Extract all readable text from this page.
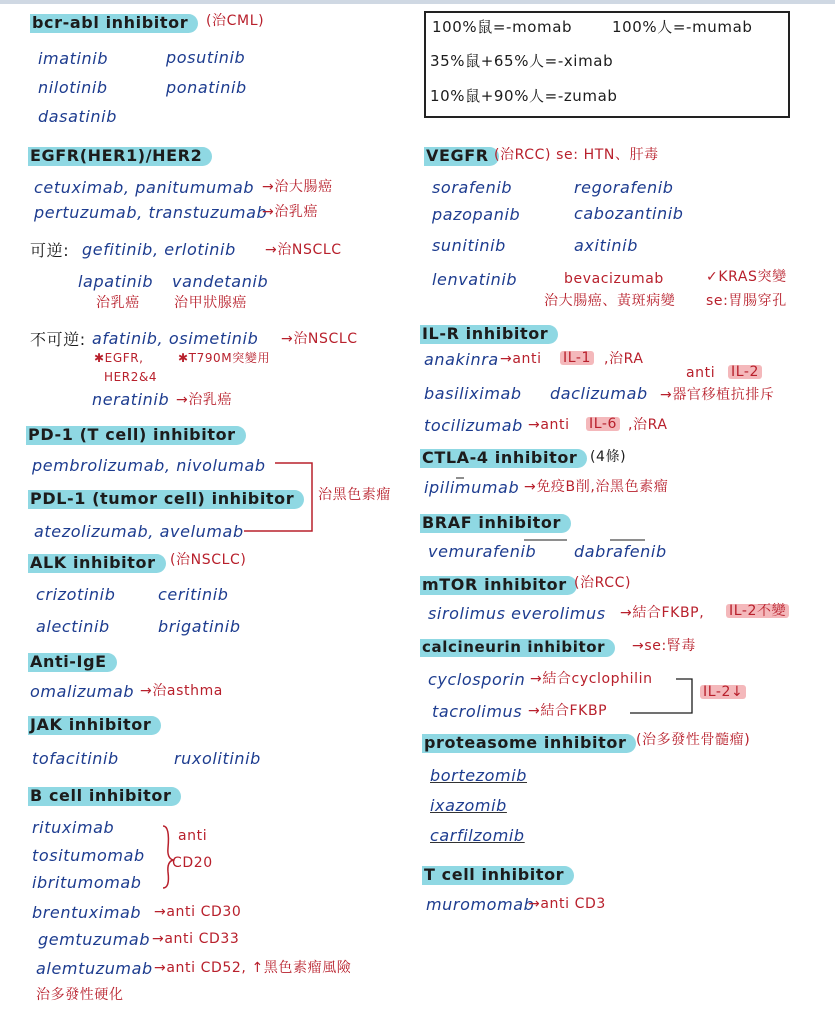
bcr-abl inhibitor	(治CML)
imatinib	posutinib
nilotinib	ponatinib
dasatinib
EGFR(HER1)/HER2
cetuximab, panitumumab →治大腸癌
pertuzumab, transtuzumab
→治乳癌
可逆: gefitinib, erlotinib →治NSCLC
lapatinib vandetanib
治乳癌 治甲狀腺癌
不可逆: afatinib, osimetinib →治NSCLC
✱EGFR,
HER2&4
✱T790M突變用
neratinib →治乳癌
PD-1 (T cell) inhibitor
pembrolizumab, nivolumab
PDL-1 (tumor cell) inhibitor
atezolizumab, avelumab
治黑色素瘤
ALK inhibitor	(治NSCLC)
crizotinib	ceritinib
alectinib	brigatinib
Anti-IgE
omalizumab →治asthma
JAK inhibitor
tofacitinib	ruxolitinib
B cell inhibitor
rituximab
tositumomab
ibritumomab
anti
CD20
brentuximab →anti CD30
gemtuzumab →anti CD33
alemtuzumab →anti CD52, ↑黑色素瘤風險
治多發性硬化
100%鼠=-momab	100%人=-mumab
35%鼠+65%人=-ximab
10%鼠+90%人=-zumab
VEGFR (治RCC) se: HTN、肝毒
sorafenib	regorafenib
pazopanib	cabozantinib
sunitinib	axitinib
lenvatinib	bevacizumab
治大腸癌、黃斑病變
✓KRAS突變
se:胃腸穿孔
IL-R inhibitor
anakinra →anti IL-1 ,治RA
basiliximab daclizumab
anti IL-2
→器官移植抗排斥
tocilizumab →anti IL-6 ,治RA
CTLA-4 inhibitor (4條)
ipilimumab →免疫B削,治黑色素瘤
BRAF inhibitor
vemurafenib dabrafenib
mTOR inhibitor (治RCC)
sirolimus everolimus →結合FKBP, IL-2不變
calcineurin inhibitor	→se:腎毒
cyclosporin →結合cyclophilin
tacrolimus →結合FKBP
IL-2↓
proteasome inhibitor (治多發性骨髓瘤)
bortezomib
ixazomib
carfilzomib
T cell inhibitor
muromomab
→anti CD3
